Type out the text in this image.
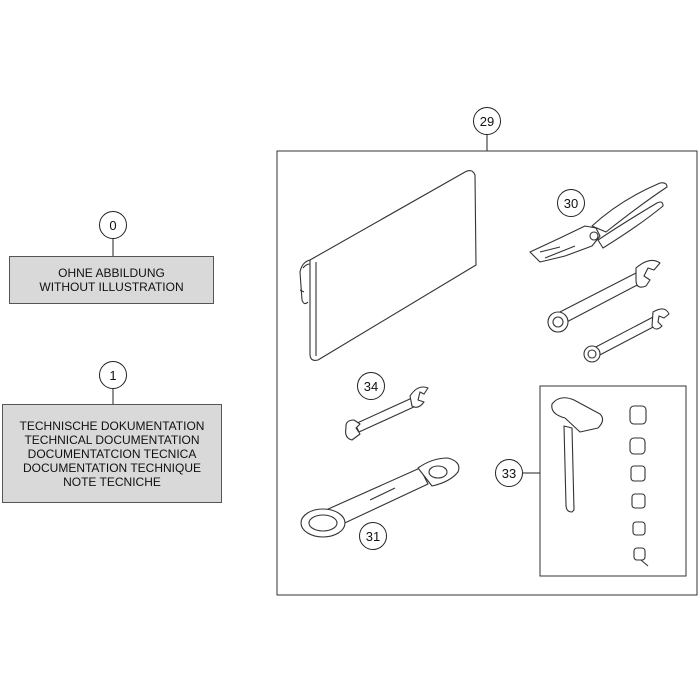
0
1
29
30
31
33
34
OHNE ABBILDUNG
WITHOUT ILLUSTRATION
TECHNISCHE DOKUMENTATION
TECHNICAL DOCUMENTATION
DOCUMENTATCION TECNICA
DOCUMENTATION TECHNIQUE
NOTE TECNICHE
